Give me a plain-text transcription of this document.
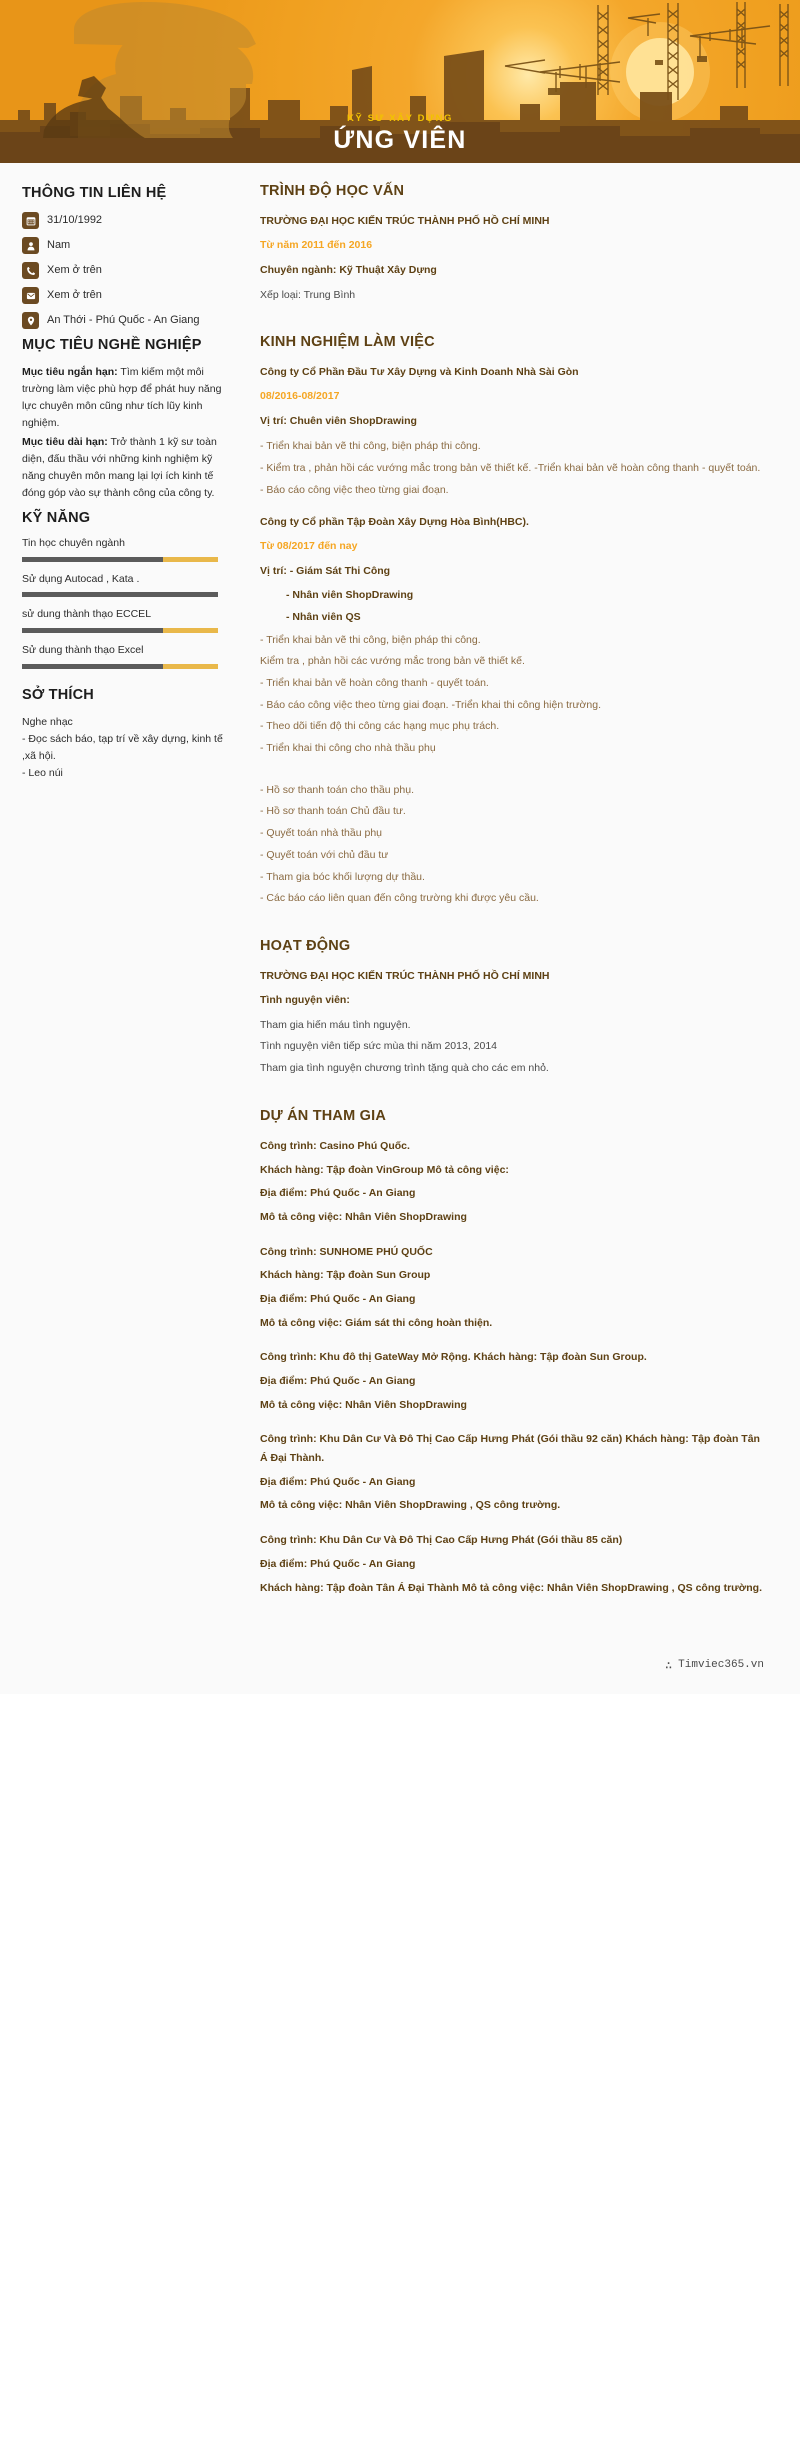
KỸ SƯ XÂY DỰNG
ỨNG VIÊN
THÔNG TIN LIÊN HỆ
31/10/1992
Nam
Xem ở trên
Xem ở trên
An Thới - Phú Quốc - An Giang
MỤC TIÊU NGHỀ NGHIỆP

Mục tiêu ngắn hạn: Tìm kiếm một môi trường làm việc phù hợp để phát huy năng lực chuyên môn cũng như tích lũy kinh nghiệm.

Mục tiêu dài hạn: Trở thành 1 kỹ sư toàn diện, đấu thầu với những kinh nghiệm kỹ năng chuyên môn mang lại lợi ích kinh tế đóng góp vào sự thành công của công ty.

KỸ NĂNG
Tin học chuyên ngành
Sử dụng Autocad , Kata .
sử dung thành thạo ECCEL
Sử dung thành thạo Excel
SỞ THÍCH

Nghe nhạc

- Đọc sách báo, tạp trí về xây dựng, kinh tế ,xã hội.

- Leo núi

TRÌNH ĐỘ HỌC VẤN

TRƯỜNG ĐẠI HỌC KIẾN TRÚC THÀNH PHỐ HỒ CHÍ MINH

Từ năm 2011 đến 2016

Chuyên ngành: Kỹ Thuật Xây Dựng

Xếp loại: Trung Bình

KINH NGHIỆM LÀM VIỆC

Công ty Cổ Phần Đầu Tư Xây Dựng và Kinh Doanh Nhà Sài Gòn

08/2016-08/2017

Vị trí: Chuên viên ShopDrawing

- Triển khai bản vẽ thi công, biện pháp thi công.

- Kiểm tra , phản hồi các vướng mắc trong bản vẽ thiết kế. -Triển khai bản vẽ hoàn công thanh - quyết toán.

- Báo cáo công việc theo từng giai đoạn.

Công ty Cổ phần Tập Đoàn Xây Dựng Hòa Bình(HBC).

Từ 08/2017 đến nay

Vị trí: - Giám Sát Thi Công

- Nhân viên ShopDrawing

- Nhân viên QS

- Triển khai bản vẽ thi công, biện pháp thi công.

Kiểm tra , phản hồi các vướng mắc trong bản vẽ thiết kế.

- Triển khai bản vẽ hoàn công thanh - quyết toán.

- Báo cáo công việc theo từng giai đoạn. -Triển khai thi công hiện trường.

- Theo dõi tiến độ thi công các hạng mục phụ trách.

- Triển khai thi công cho nhà thầu phụ

- Hồ sơ thanh toán cho thầu phụ.

- Hồ sơ thanh toán Chủ đầu tư.

- Quyết toán nhà thầu phụ

- Quyết toán với chủ đầu tư

- Tham gia bóc khối lượng dự thầu.

- Các báo cáo liên quan đến công trường khi được yêu cầu.

HOẠT ĐỘNG

TRƯỜNG ĐẠI HỌC KIẾN TRÚC THÀNH PHỐ HỒ CHÍ MINH

Tình nguyện viên:

Tham gia hiến máu tình nguyện.

Tình nguyện viên tiếp sức mùa thi năm 2013, 2014

Tham gia tình nguyện chương trình tặng quà cho các em nhỏ.

DỰ ÁN THAM GIA

Công trình: Casino Phú Quốc.

Khách hàng: Tập đoàn VinGroup Mô tả công việc:

Địa điểm: Phú Quốc - An Giang

Mô tả công việc: Nhân Viên ShopDrawing

Công trình: SUNHOME PHÚ QUỐC

Khách hàng: Tập đoàn Sun Group

Địa điểm: Phú Quốc - An Giang

Mô tả công việc: Giám sát thi công hoàn thiện.

Công trình: Khu đô thị GateWay Mở Rộng. Khách hàng: Tập đoàn Sun Group.

Địa điểm: Phú Quốc - An Giang

Mô tả công việc: Nhân Viên ShopDrawing

Công trình: Khu Dân Cư Và Đô Thị Cao Cấp Hưng Phát (Gói thầu 92 căn) Khách hàng: Tập đoàn Tân Á Đại Thành.

Địa điểm: Phú Quốc - An Giang

Mô tả công việc: Nhân Viên ShopDrawing , QS công trường.

Công trình: Khu Dân Cư Và Đô Thị Cao Cấp Hưng Phát (Gói thầu 85 căn)

Địa điểm: Phú Quốc - An Giang

Khách hàng: Tập đoàn Tân Á Đại Thành Mô tả công việc: Nhân Viên ShopDrawing , QS công trường.

∴ Timviec365.vn
